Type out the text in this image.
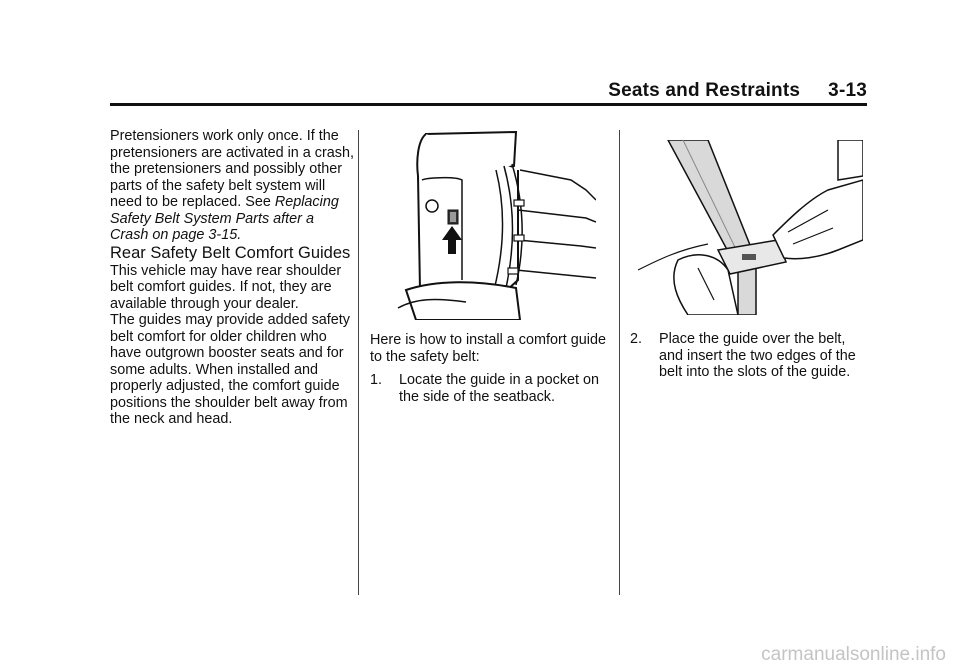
Seats and Restraints 3-13

Pretensioners work only once. If the pretensioners are activated in a crash, the pretensioners and possibly other parts of the safety belt system will need to be replaced. See Replacing Safety Belt System Parts after a Crash on page 3-15.

Rear Safety Belt Comfort Guides

This vehicle may have rear shoulder belt comfort guides. If not, they are available through your dealer.

The guides may provide added safety belt comfort for older children who have outgrown booster seats and for some adults. When installed and properly adjusted, the comfort guide positions the shoulder belt away from the neck and head.

Here is how to install a comfort guide to the safety belt:

1. Locate the guide in a pocket on the side of the seatback.

2. Place the guide over the belt, and insert the two edges of the belt into the slots of the guide.

carmanualsonline.info
